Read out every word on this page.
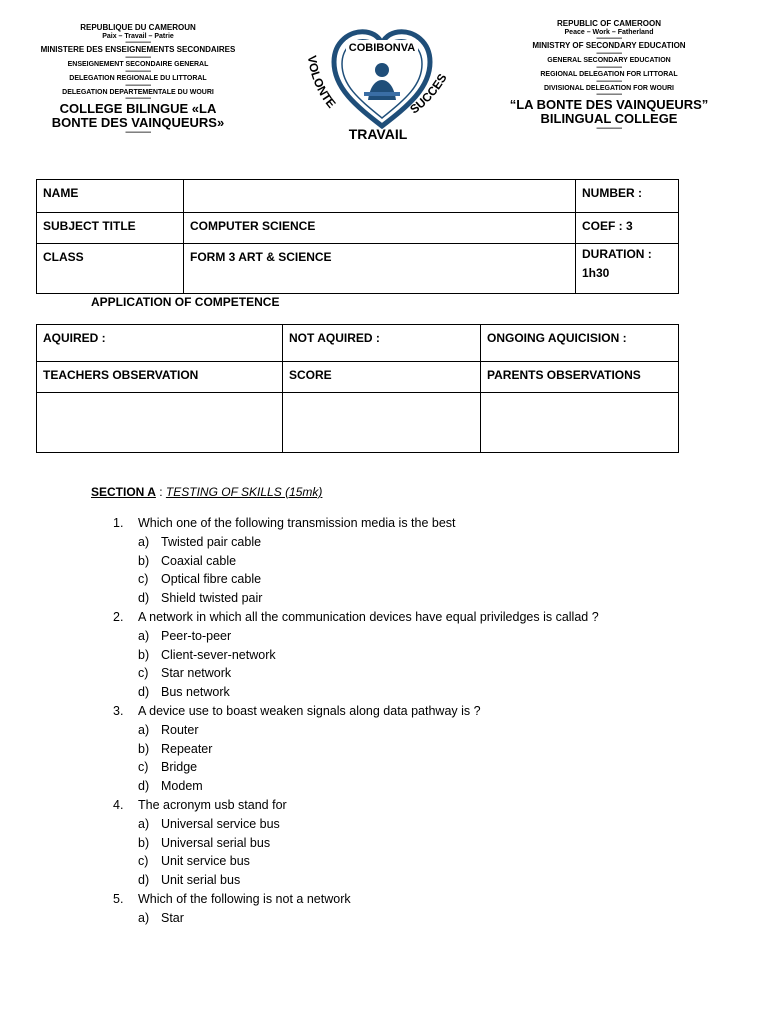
REPUBLIQUE DU CAMEROUN
Paix – Travail – Patrie
-----------------
MINISTERE DES ENSEIGNEMENTS SECONDAIRES
-----------------
ENSEIGNEMENT SECONDAIRE GENERAL
-----------------
DELEGATION REGIONALE DU LITTORAL
-----------------
DELEGATION DEPARTEMENTALE DU WOURI
-----------------
COLLEGE BILINGUE «LA
BONTE DES VAINQUEURS»
-----------------
COBIBONVA
VOLONTE	SUCCES
TRAVAIL
REPUBLIC OF CAMEROON
Peace – Work – Fatherland
-----------------
MINISTRY OF SECONDARY EDUCATION
-----------------
GENERAL SECONDARY EDUCATION
-----------------
REGIONAL DELEGATION FOR LITTORAL
-----------------
DIVISIONAL DELEGATION FOR WOURI
-----------------
“LA BONTE DES VAINQUEURS”
BILINGUAL COLLEGE
-----------------
NAME		NUMBER :
SUBJECT TITLE	COMPUTER SCIENCE	COEF : 3
CLASS	FORM 3 ART & SCIENCE	DURATION :
1h30
APPLICATION OF COMPETENCE
AQUIRED :	NOT AQUIRED :	ONGOING AQUICISION :
TEACHERS OBSERVATION	SCORE	PARENTS OBSERVATIONS

SECTION A : TESTING OF SKILLS (15mk)
1.	Which one of the following transmission media is the best
a) Twisted pair cable
b) Coaxial cable
c)	Optical fibre cable
d) Shield twisted pair
2.	A network in which all the communication devices have equal priviledges is callad ?
a) Peer-to-peer
b) Client-sever-network
c)	Star network
d) Bus network
3.	A device use to boast weaken signals along data pathway is ?
a) Router
b) Repeater
c)	Bridge
d) Modem
4.	The acronym usb stand for
a) Universal service bus
b) Universal serial bus
c)	Unit service bus
d) Unit serial bus
5.	Which of the following is not a network
a) Star
